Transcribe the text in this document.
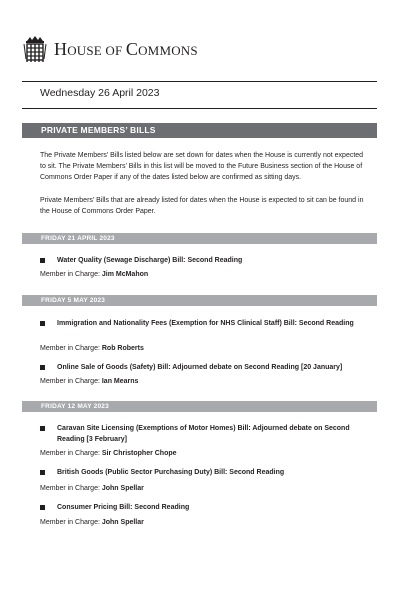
HOUSE OF COMMONS
Wednesday 26 April 2023
PRIVATE MEMBERS’ BILLS

The Private Members’ Bills listed below are set down for dates when the House is currently not expected to sit. The Private Members’ Bills in this list will be moved to the Future Business section of the House of Commons Order Paper if any of the dates listed below are confirmed as sitting days.

Private Members’ Bills that are already listed for dates when the House is expected to sit can be found in the House of Commons Order Paper.

FRIDAY 21 APRIL 2023
Water Quality (Sewage Discharge) Bill: Second Reading
Member in Charge: Jim McMahon
FRIDAY 5 MAY 2023
Immigration and Nationality Fees (Exemption for NHS Clinical Staff) Bill: Second Reading
Member in Charge: Rob Roberts
Online Sale of Goods (Safety) Bill: Adjourned debate on Second Reading [20 January]
Member in Charge: Ian Mearns
FRIDAY 12 MAY 2023
Caravan Site Licensing (Exemptions of Motor Homes) Bill: Adjourned debate on Second Reading [3 February]
Member in Charge: Sir Christopher Chope
British Goods (Public Sector Purchasing Duty) Bill: Second Reading
Member in Charge: John Spellar
Consumer Pricing Bill: Second Reading
Member in Charge: John Spellar
